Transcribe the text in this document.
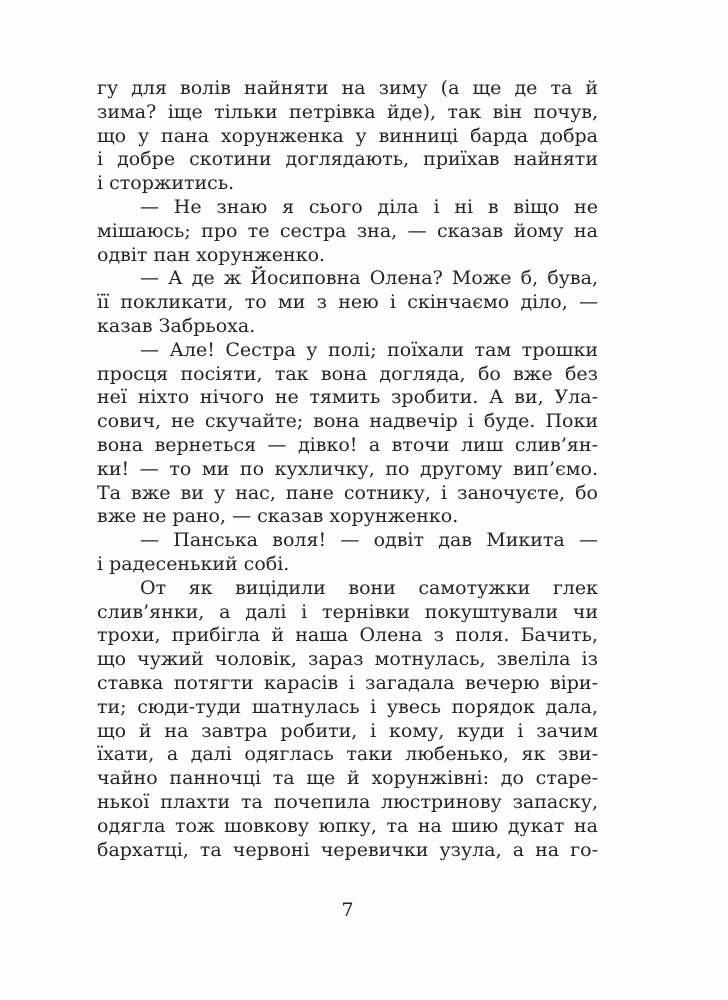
гу для волів найняти на зиму (а ще де та й
зима? іще тільки петрівка йде), так він почув,
що у пана хорунженка у винниці барда добра
і добре скотини доглядають, приїхав найняти
і сторжитись.
— Не знаю я сього діла і ні в віщо не
мішаюсь; про те сестра зна, — сказав йому на
одвіт пан хорунженко.
— А де ж Йосиповна Олена? Може б, бува,
її покликати, то ми з нею і скінчаємо діло, —
казав Забрьоха.
— Але! Сестра у полі; поїхали там трошки
просця посіяти, так вона догляда, бо вже без
неї ніхто нічого не тямить зробити. А ви, Ула-
сович, не скучайте; вона надвечір і буде. Поки
вона вернеться — дівко! а вточи лиш слив’ян-
ки! — то ми по кухличку, по другому вип’ємо.
Та вже ви у нас, пане сотнику, і заночуєте, бо
вже не рано, — сказав хорунженко.
— Панська воля! — одвіт дав Микита —
і радесенький собі.
От як вицідили вони самотужки глек
слив’янки, а далі і тернівки покуштували чи
трохи, прибігла й наша Олена з поля. Бачить,
що чужий чоловік, зараз мотнулась, звеліла із
ставка потягти карасів і загадала вечерю віри-
ти; сюди-туди шатнулась і увесь порядок дала,
що й на завтра робити, і кому, куди і зачим
їхати, а далі одяглась таки любенько, як зви-
чайно панночці та ще й хорунжівні: до старе-
нької плахти та почепила люстринову запаску,
одягла тож шовкову юпку, та на шию дукат на
бархатці, та червоні черевички узула, а на го-
7
